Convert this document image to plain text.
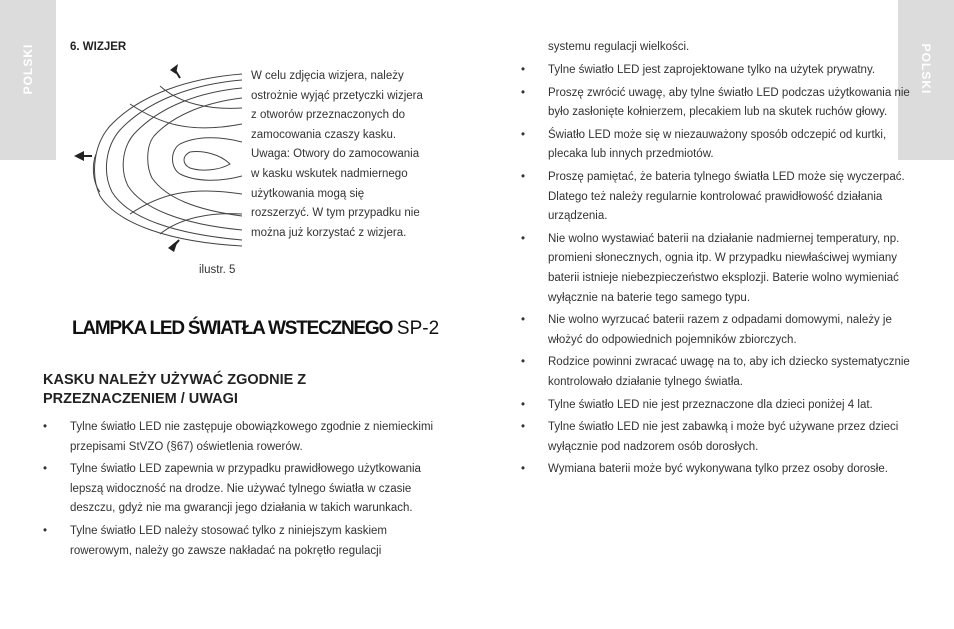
POLSKI	POLSKI
6. WIZJER
W celu zdjęcia wizjera, należy
ostrożnie wyjąć przetyczki wizjera
z otworów przeznaczonych do
zamocowania czaszy kasku.
Uwaga: Otwory do zamocowania
w kasku wskutek nadmiernego
użytkowania mogą się
rozszerzyć. W tym przypadku nie
można już korzystać z wizjera.
ilustr. 5
LAMPKA LED ŚWIATŁA WSTECZNEGO SP-2
KASKU NALEŻY UŻYWAĆ ZGODNIE Z PRZEZNACZENIEM / UWAGI
• Tylne światło LED nie zastępuje obowiązkowego zgodnie z niemieckimi przepisami StVZO (§67) oświetlenia rowerów.
• Tylne światło LED zapewnia w przypadku prawidłowego użytkowania lepszą widoczność na drodze. Nie używać tylnego światła w czasie deszczu, gdyż nie ma gwarancji jego działania w takich warunkach.
• Tylne światło LED należy stosować tylko z niniejszym kaskiem rowerowym, należy go zawsze nakładać na pokrętło regulacji
systemu regulacji wielkości.
• Tylne światło LED jest zaprojektowane tylko na użytek prywatny.
• Proszę zwrócić uwagę, aby tylne światło LED podczas użytkowania nie było zasłonięte kołnierzem, plecakiem lub na skutek ruchów głowy.
• Światło LED może się w niezauważony sposób odczepić od kurtki, plecaka lub innych przedmiotów.
• Proszę pamiętać, że bateria tylnego światła LED może się wyczerpać. Dlatego też należy regularnie kontrolować prawidłowość działania urządzenia.
• Nie wolno wystawiać baterii na działanie nadmiernej temperatury, np. promieni słonecznych, ognia itp. W przypadku niewłaściwej wymiany baterii istnieje niebezpieczeństwo eksplozji. Baterie wolno wymieniać wyłącznie na baterie tego samego typu.
• Nie wolno wyrzucać baterii razem z odpadami domowymi, należy je włożyć do odpowiednich pojemników zbiorczych.
• Rodzice powinni zwracać uwagę na to, aby ich dziecko systematycznie kontrolowało działanie tylnego światła.
• Tylne światło LED nie jest przeznaczone dla dzieci poniżej 4 lat.
• Tylne światło LED nie jest zabawką i może być używane przez dzieci wyłącznie pod nadzorem osób dorosłych.
• Wymiana baterii może być wykonywana tylko przez osoby dorosłe.
